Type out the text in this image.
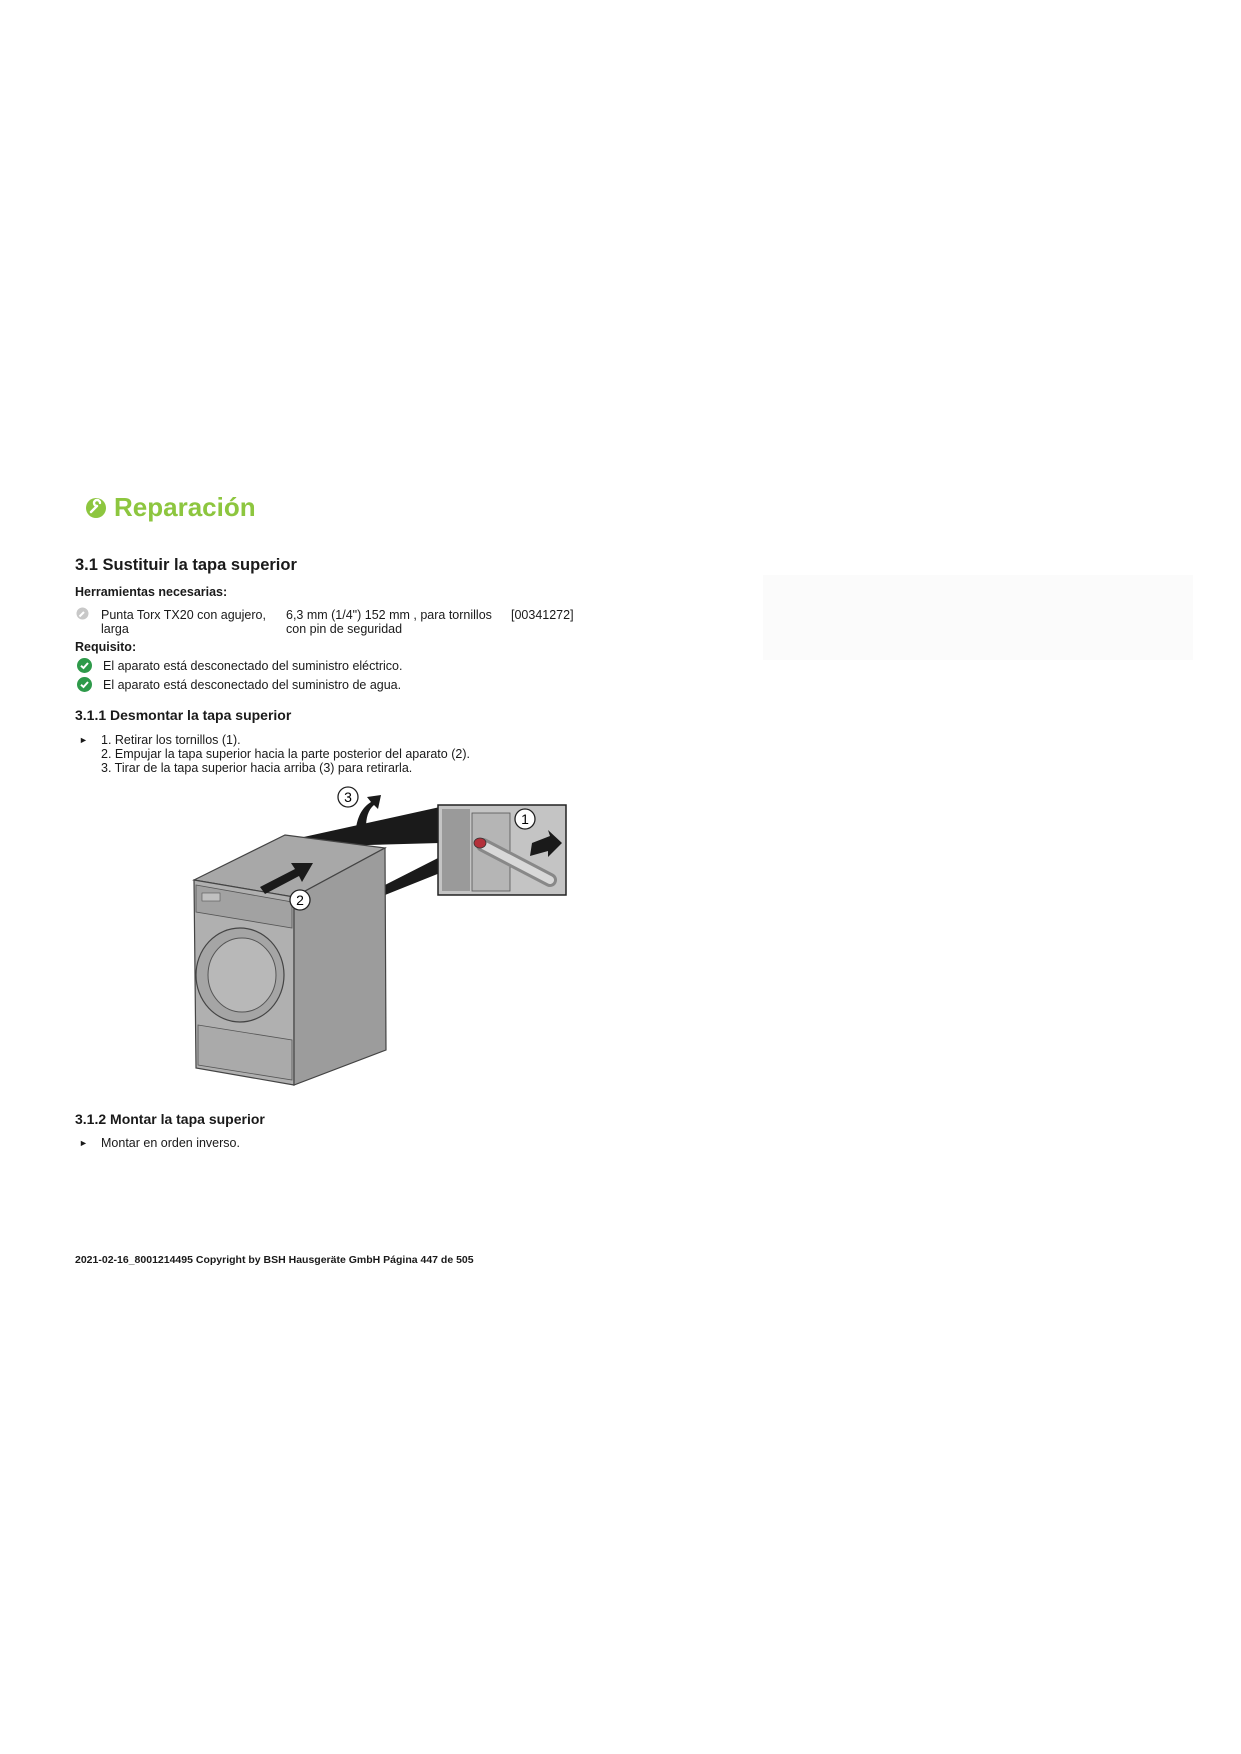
Reparación
3.1 Sustituir la tapa superior
Herramientas necesarias:
Punta Torx TX20 con agujero, larga
6,3 mm (1/4") 152 mm , para tornillos con pin de seguridad
[00341272]
Requisito:
El aparato está desconectado del suministro eléctrico.
El aparato está desconectado del suministro de agua.
3.1.1 Desmontar la tapa superior
► 1. Retirar los tornillos (1).
2. Empujar la tapa superior hacia la parte posterior del aparato (2).
3. Tirar de la tapa superior hacia arriba (3) para retirarla.
2
3
1
3.1.2 Montar la tapa superior
► Montar en orden inverso.
2021-02-16_8001214495 Copyright by BSH Hausgeräte GmbH Página 447 de 505
